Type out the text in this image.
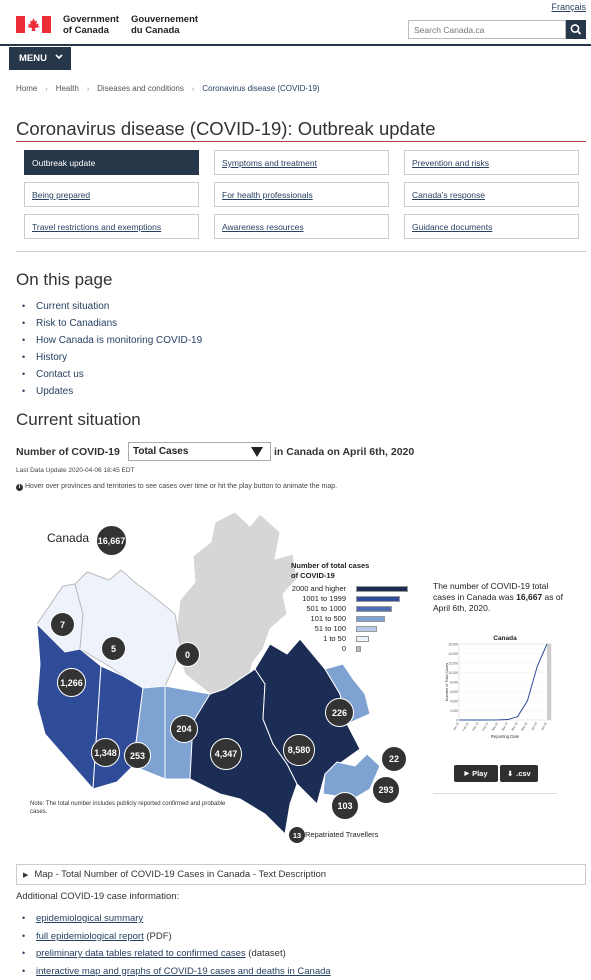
Français
Government
of Canada
Gouvernement
du Canada
Search Canada.ca
MENU
Home › Health › Diseases and conditions › Coronavirus disease (COVID-19)
Coronavirus disease (COVID-19): Outbreak update
Outbreak update	Symptoms and treatment	Prevention and risks
Being prepared	For health professionals	Canada's response
Travel restrictions and exemptions	Awareness resources	Guidance documents
On this page
• Current situation
• Risk to Canadians
• How Canada is monitoring COVID-19
• History
• Contact us
• Updates
Current situation
Number of COVID-19	Total Cases	in Canada on April 6th, 2020
Last Data Update 2020-04-06 18:45 EDT
i Hover over provinces and territories to see cases over time or hit the play button to animate the map.
Canada 16,667
Number of total cases
of COVID-19
2000 and higher
1001 to 1999
501 to 1000
101 to 500
51 to 100
1 to 50
0
7
5
0
1,266
1,348	253
204
4,347	8,580
226
22
293
103
13 Repatriated Travellers
Note: The total number includes publicly reported confirmed and probable cases.
The number of COVID-19 total cases in Canada was 16,667 as of April 6th, 2020.
Canada
16,000
14,000
12,000
10,000
8,000
6,000
4,000
2,000
0
Jan 25 Feb 05 Feb 14 Feb 22 Mar 02 Mar 10 Mar 18 Mar 26 Apr 02 Apr 06
Number of Total Cases
Reporting Date
▶ Play	⬇ .csv
▶ Map - Total Number of COVID-19 Cases in Canada - Text Description
Additional COVID-19 case information:
• epidemiological summary
• full epidemiological report (PDF)
• preliminary data tables related to confirmed cases (dataset)
• interactive map and graphs of COVID-19 cases and deaths in Canada
